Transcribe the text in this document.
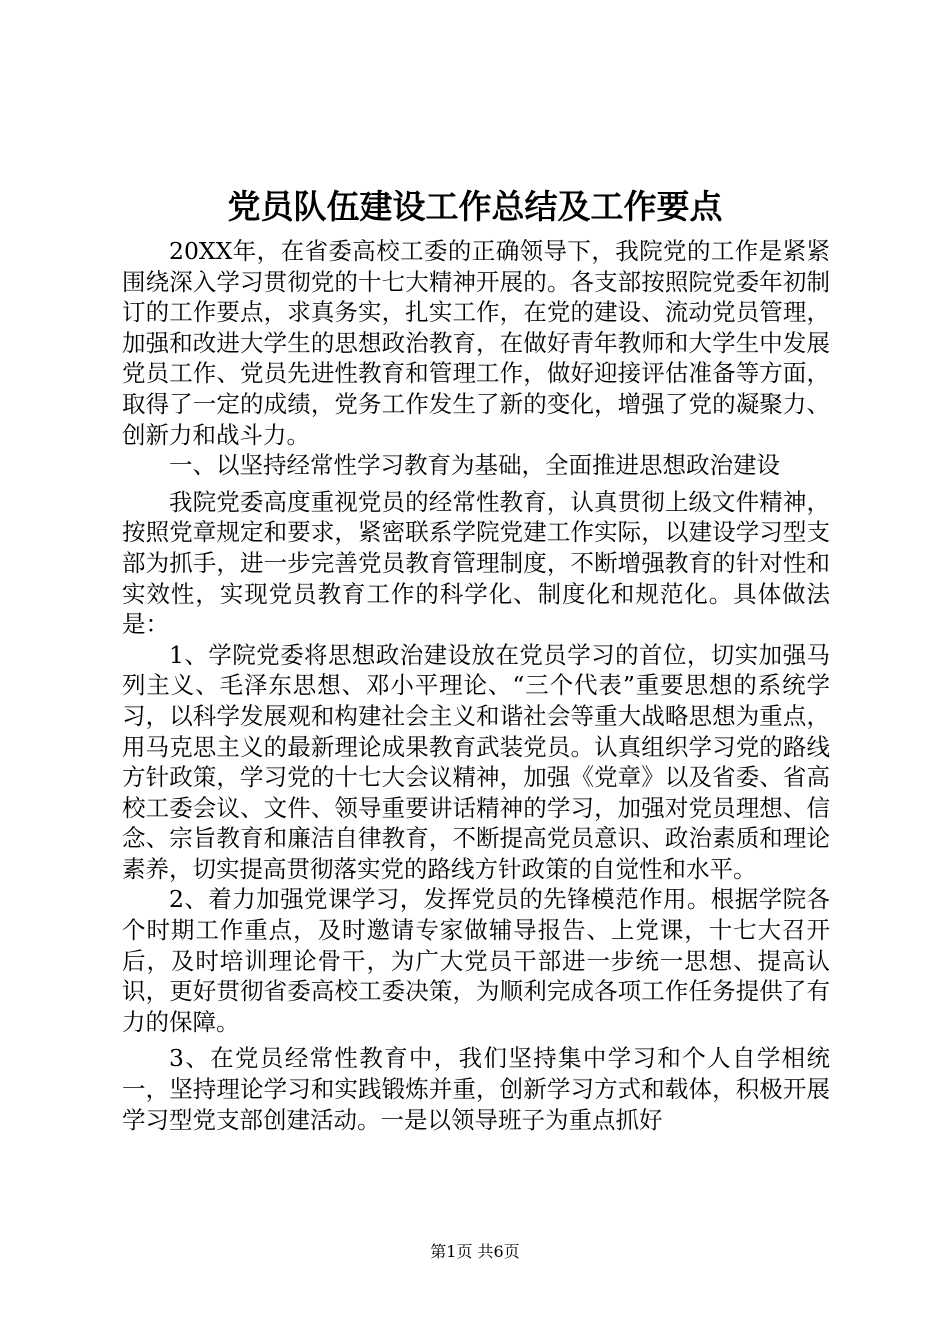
党员队伍建设工作总结及工作要点

20XX年，在省委高校工委的正确领导下，我院党的工作是紧紧围绕深入学习贯彻党的十七大精神开展的。各支部按照院党委年初制订的工作要点，求真务实，扎实工作，在党的建设、流动党员管理，加强和改进大学生的思想政治教育，在做好青年教师和大学生中发展党员工作、党员先进性教育和管理工作，做好迎接评估准备等方面，取得了一定的成绩，党务工作发生了新的变化，增强了党的凝聚力、创新力和战斗力。

一、以坚持经常性学习教育为基础，全面推进思想政治建设

我院党委高度重视党员的经常性教育，认真贯彻上级文件精神，按照党章规定和要求，紧密联系学院党建工作实际，以建设学习型支部为抓手，进一步完善党员教育管理制度，不断增强教育的针对性和实效性，实现党员教育工作的科学化、制度化和规范化。具体做法是：

1、学院党委将思想政治建设放在党员学习的首位，切实加强马列主义、毛泽东思想、邓小平理论、“三个代表”重要思想的系统学习，以科学发展观和构建社会主义和谐社会等重大战略思想为重点，用马克思主义的最新理论成果教育武装党员。认真组织学习党的路线方针政策，学习党的十七大会议精神，加强《党章》以及省委、省高校工委会议、文件、领导重要讲话精神的学习，加强对党员理想、信念、宗旨教育和廉洁自律教育，不断提高党员意识、政治素质和理论素养，切实提高贯彻落实党的路线方针政策的自觉性和水平。

2、着力加强党课学习，发挥党员的先锋模范作用。根据学院各个时期工作重点，及时邀请专家做辅导报告、上党课，十七大召开后，及时培训理论骨干，为广大党员干部进一步统一思想、提高认识，更好贯彻省委高校工委决策，为顺利完成各项工作任务提供了有力的保障。

3、在党员经常性教育中，我们坚持集中学习和个人自学相统一，坚持理论学习和实践锻炼并重，创新学习方式和载体，积极开展学习型党支部创建活动。一是以领导班子为重点抓好

第1页 共6页
